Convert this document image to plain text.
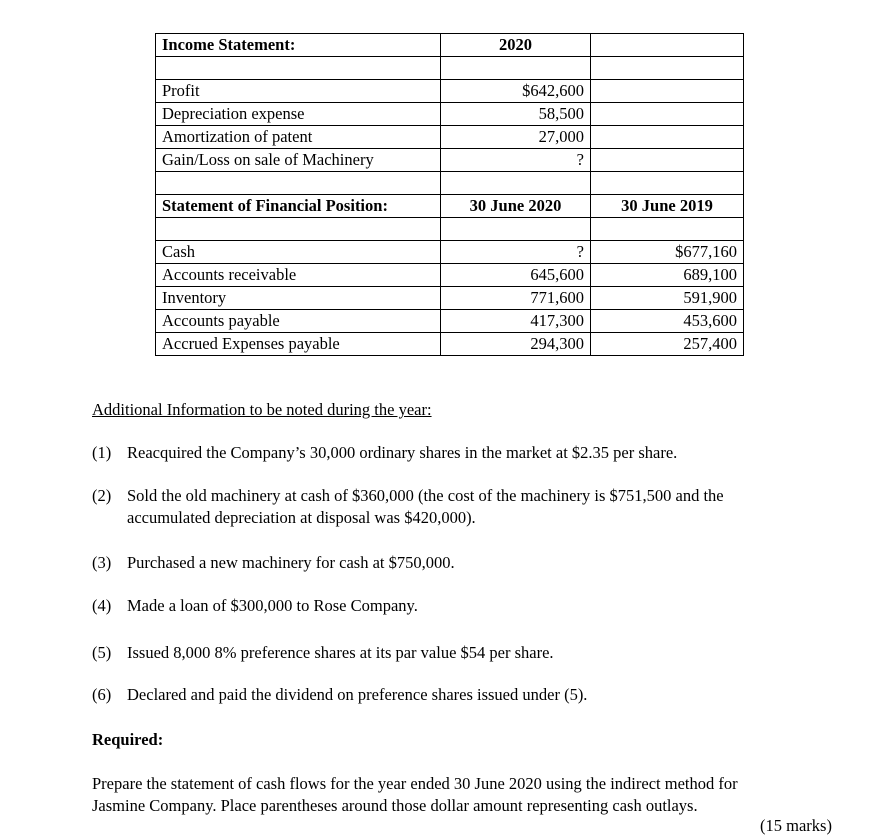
Income Statement:	2020	

Profit	$642,600	
Depreciation expense	58,500	
Amortization of patent	27,000	
Gain/Loss on sale of Machinery	?	

Statement of Financial Position:	30 June 2020	30 June 2019

Cash	?	$677,160
Accounts receivable	645,600	689,100
Inventory	771,600	591,900
Accounts payable	417,300	453,600
Accrued Expenses payable	294,300	257,400
Additional Information to be noted during the year:
(1) Reacquired the Company’s 30,000 ordinary shares in the market at $2.35 per share.
(2) Sold the old machinery at cash of $360,000 (the cost of the machinery is $751,500 and the
accumulated depreciation at disposal was $420,000).
(3) Purchased a new machinery for cash at $750,000.
(4) Made a loan of $300,000 to Rose Company.
(5) Issued 8,000 8% preference shares at its par value $54 per share.
(6) Declared and paid the dividend on preference shares issued under (5).
Required:
Prepare the statement of cash flows for the year ended 30 June 2020 using the indirect method for
Jasmine Company. Place parentheses around those dollar amount representing cash outlays.
(15 marks)
